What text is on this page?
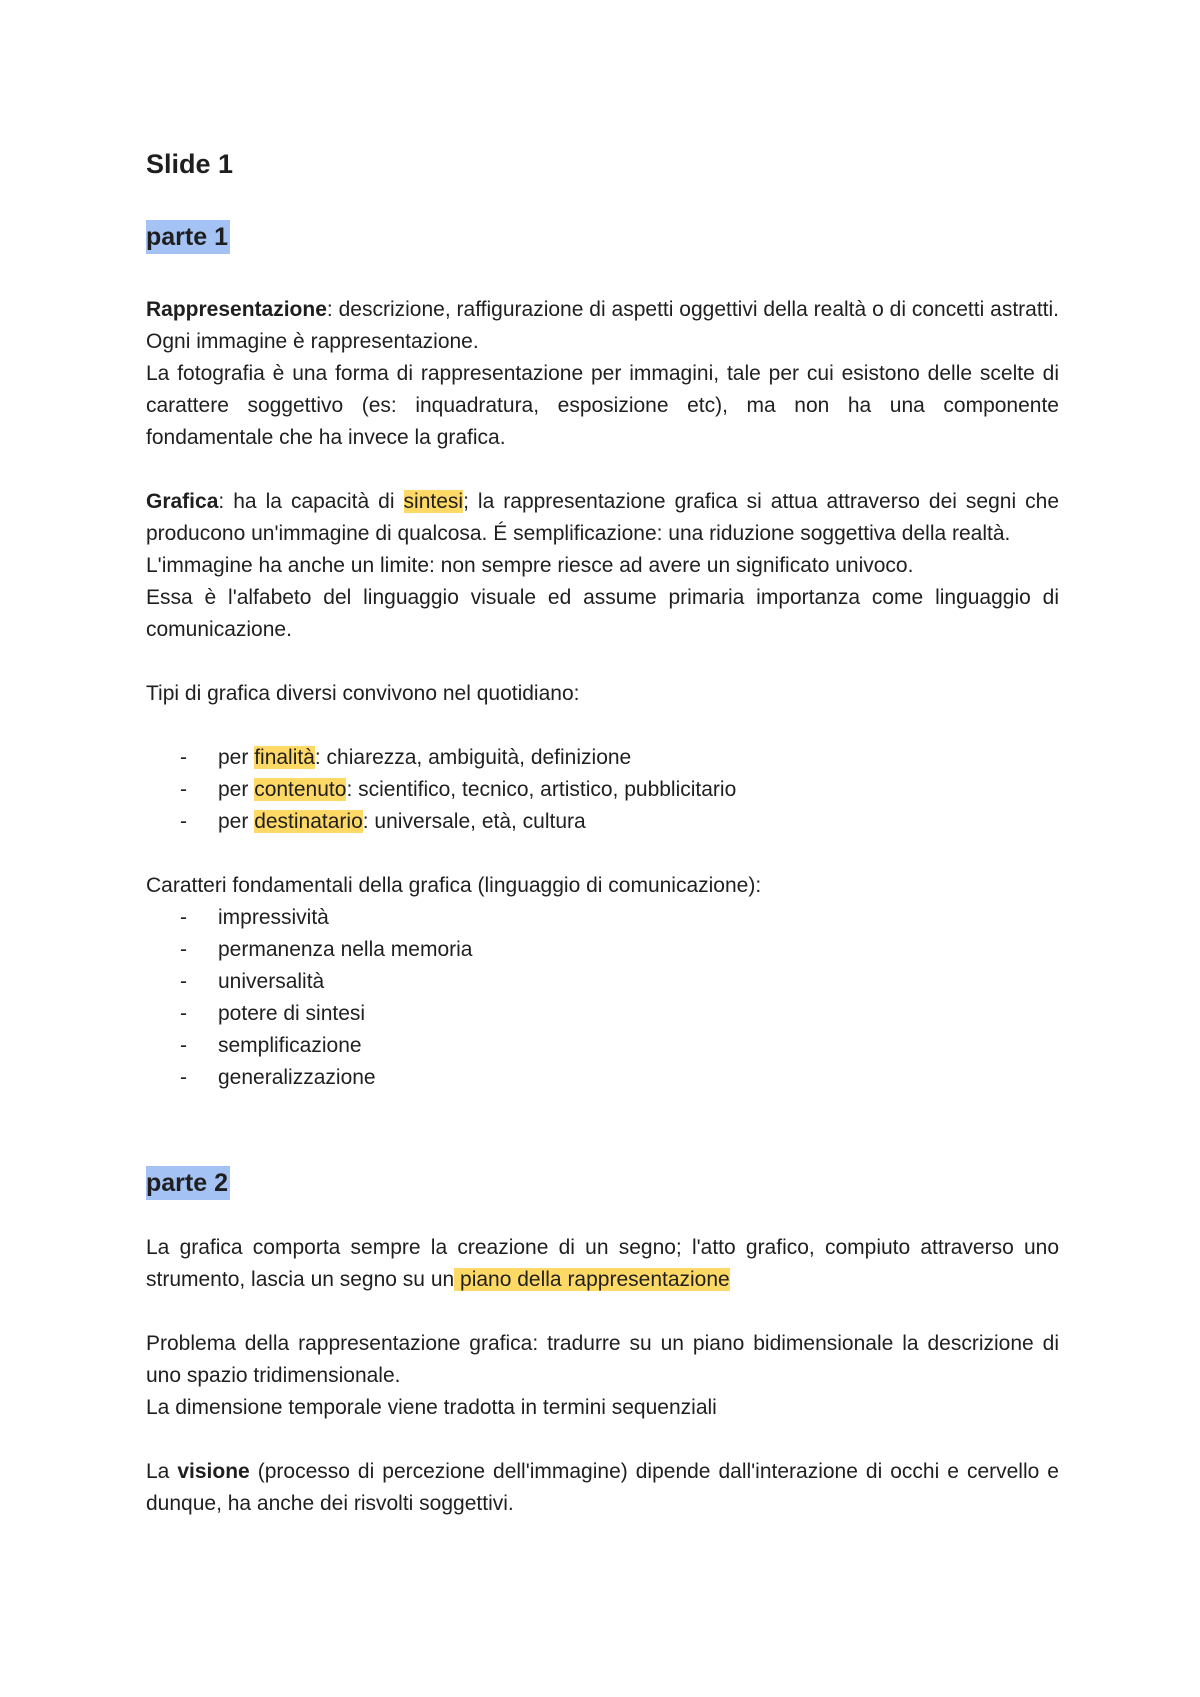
Slide 1
parte 1

Rappresentazione: descrizione, raffigurazione di aspetti oggettivi della realtà o di concetti astratti. Ogni immagine è rappresentazione.

La fotografia è una forma di rappresentazione per immagini, tale per cui esistono delle scelte di carattere soggettivo (es: inquadratura, esposizione etc), ma non ha una componente fondamentale che ha invece la grafica.

Grafica: ha la capacità di sintesi; la rappresentazione grafica si attua attraverso dei segni che producono un'immagine di qualcosa. É semplificazione: una riduzione soggettiva della realtà.

L'immagine ha anche un limite: non sempre riesce ad avere un significato univoco.

Essa è l'alfabeto del linguaggio visuale ed assume primaria importanza come linguaggio di comunicazione.

Tipi di grafica diversi convivono nel quotidiano:

- per finalità: chiarezza, ambiguità, definizione
- per contenuto: scientifico, tecnico, artistico, pubblicitario
- per destinatario: universale, età, cultura

Caratteri fondamentali della grafica (linguaggio di comunicazione):

- impressività
- permanenza nella memoria
- universalità
- potere di sintesi
- semplificazione
- generalizzazione
parte 2

La grafica comporta sempre la creazione di un segno; l'atto grafico, compiuto attraverso uno strumento, lascia un segno su un piano della rappresentazione

Problema della rappresentazione grafica: tradurre su un piano bidimensionale la descrizione di uno spazio tridimensionale.

La dimensione temporale viene tradotta in termini sequenziali

La visione (processo di percezione dell'immagine) dipende dall'interazione di occhi e cervello e dunque, ha anche dei risvolti soggettivi.
